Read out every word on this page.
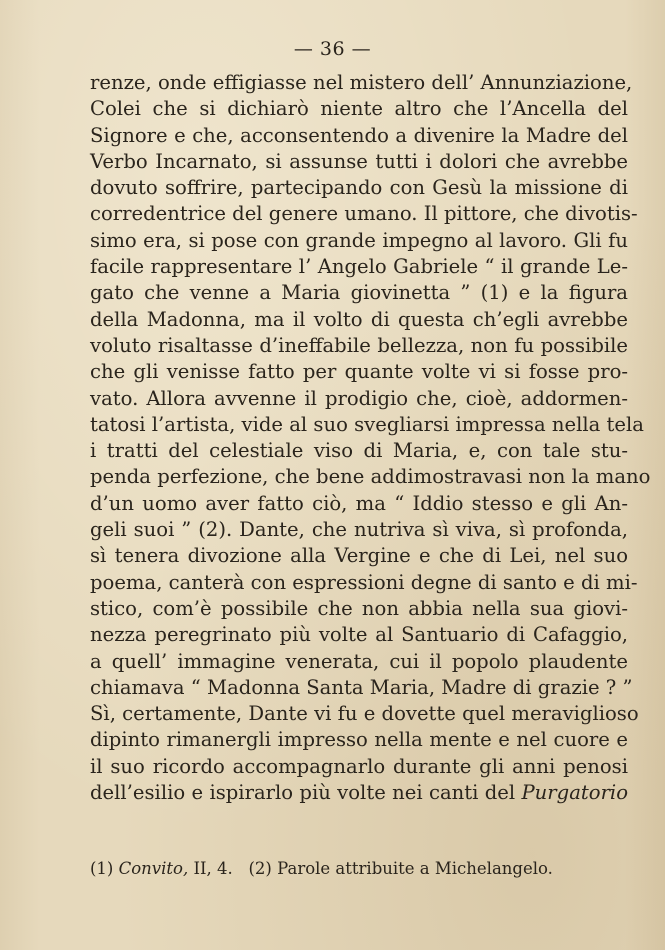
— 36 —
renze, onde effigiasse nel mistero dell’ Annunziazione,
Colei che si dichiarò niente altro che l’Ancella del
Signore e che, acconsentendo a divenire la Madre del
Verbo Incarnato, si assunse tutti i dolori che avrebbe
dovuto soffrire, partecipando con Gesù la missione di
corredentrice del genere umano. Il pittore, che divotis-
simo era, si pose con grande impegno al lavoro. Gli fu
facile rappresentare l’ Angelo Gabriele “ il grande Le-
gato che venne a Maria giovinetta ” (1) e la figura
della Madonna, ma il volto di questa ch’egli avrebbe
voluto risaltasse d’ineffabile bellezza, non fu possibile
che gli venisse fatto per quante volte vi si fosse pro-
vato. Allora avvenne il prodigio che, cioè, addormen-
tatosi l’artista, vide al suo svegliarsi impressa nella tela
i tratti del celestiale viso di Maria, e, con tale stu-
penda perfezione, che bene addimostravasi non la mano
d’un uomo aver fatto ciò, ma “ Iddio stesso e gli An-
geli suoi ” (2). Dante, che nutriva sì viva, sì profonda,
sì tenera divozione alla Vergine e che di Lei, nel suo
poema, canterà con espressioni degne di santo e di mi-
stico, com’è possibile che non abbia nella sua giovi-
nezza peregrinato più volte al Santuario di Cafaggio,
a quell’ immagine venerata, cui il popolo plaudente
chiamava “ Madonna Santa Maria, Madre di grazie ? ”
Sì, certamente, Dante vi fu e dovette quel meraviglioso
dipinto rimanergli impresso nella mente e nel cuore e
il suo ricordo accompagnarlo durante gli anni penosi
dell’esilio e ispirarlo più volte nei canti del Purgatorio
(1) Convito, II, 4. (2) Parole attribuite a Michelangelo.
